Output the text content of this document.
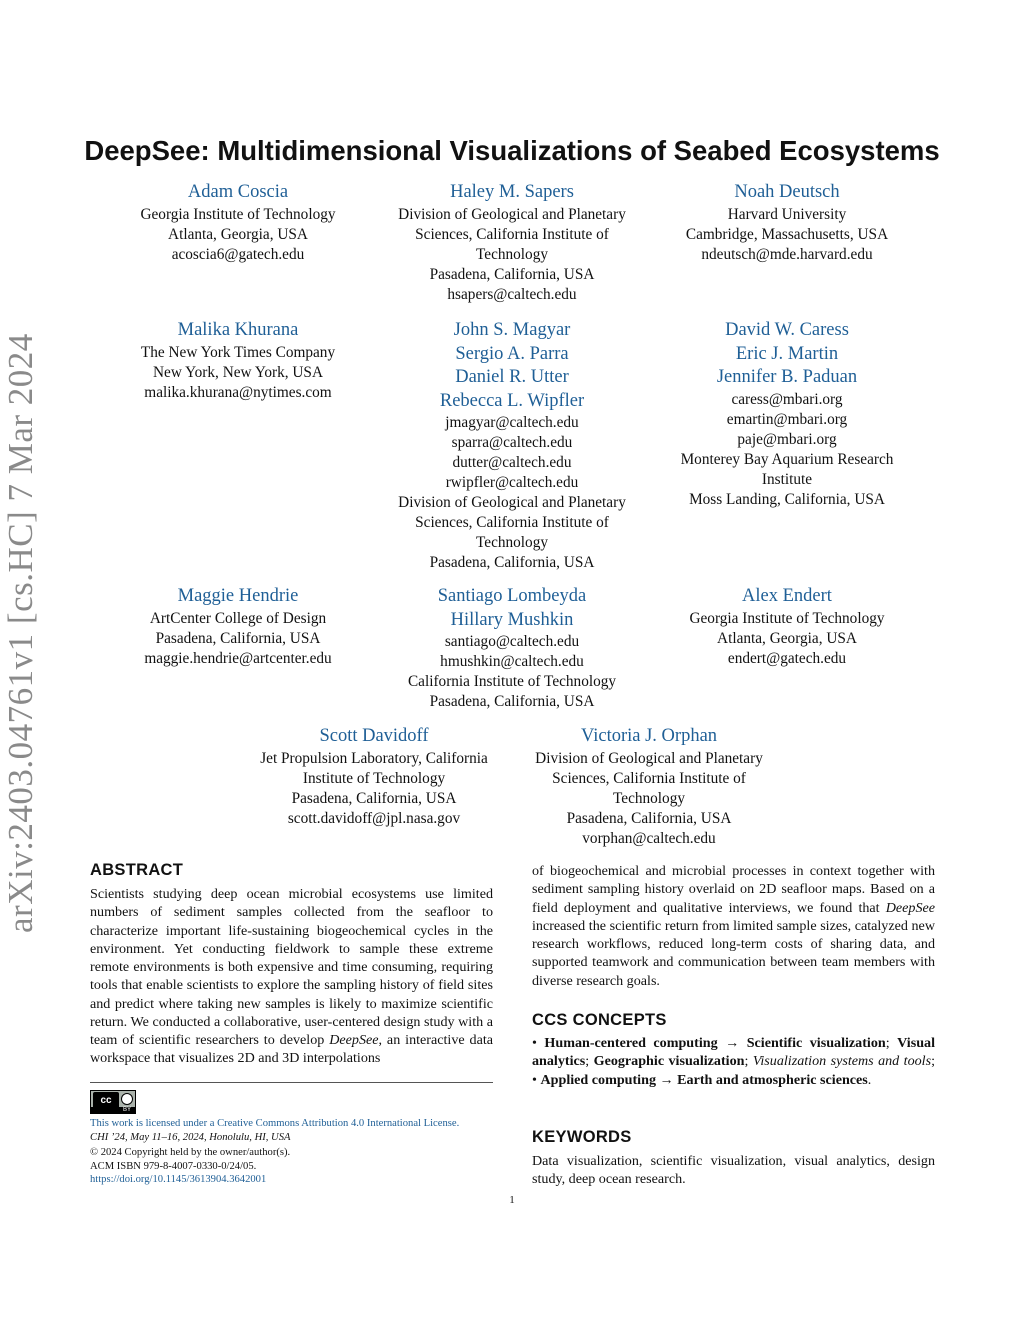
arXiv:2403.04761v1 [cs.HC] 7 Mar 2024
DeepSee: Multidimensional Visualizations of Seabed Ecosystems
Adam Coscia
Georgia Institute of Technology
Atlanta, Georgia, USA
acoscia6@gatech.edu
Haley M. Sapers
Division of Geological and Planetary
Sciences, California Institute of
Technology
Pasadena, California, USA
hsapers@caltech.edu
Noah Deutsch
Harvard University
Cambridge, Massachusetts, USA
ndeutsch@mde.harvard.edu
Malika Khurana
The New York Times Company
New York, New York, USA
malika.khurana@nytimes.com
John S. Magyar
Sergio A. Parra
Daniel R. Utter
Rebecca L. Wipfler
jmagyar@caltech.edu
sparra@caltech.edu
dutter@caltech.edu
rwipfler@caltech.edu
Division of Geological and Planetary
Sciences, California Institute of
Technology
Pasadena, California, USA
David W. Caress
Eric J. Martin
Jennifer B. Paduan
caress@mbari.org
emartin@mbari.org
paje@mbari.org
Monterey Bay Aquarium Research
Institute
Moss Landing, California, USA
Maggie Hendrie
ArtCenter College of Design
Pasadena, California, USA
maggie.hendrie@artcenter.edu
Santiago Lombeyda
Hillary Mushkin
santiago@caltech.edu
hmushkin@caltech.edu
California Institute of Technology
Pasadena, California, USA
Alex Endert
Georgia Institute of Technology
Atlanta, Georgia, USA
endert@gatech.edu
Scott Davidoff
Jet Propulsion Laboratory, California
Institute of Technology
Pasadena, California, USA
scott.davidoff@jpl.nasa.gov
Victoria J. Orphan
Division of Geological and Planetary
Sciences, California Institute of
Technology
Pasadena, California, USA
vorphan@caltech.edu
ABSTRACT

Scientists studying deep ocean microbial ecosystems use limited numbers of sediment samples collected from the seafloor to characterize important life-sustaining biogeochemical cycles in the environment. Yet conducting fieldwork to sample these extreme remote environments is both expensive and time consuming, requiring tools that enable scientists to explore the sampling history of field sites and predict where taking new samples is likely to maximize scientific return. We conducted a collaborative, user-centered design study with a team of scientific researchers to develop DeepSee, an interactive data workspace that visualizes 2D and 3D interpolations

of biogeochemical and microbial processes in context together with sediment sampling history overlaid on 2D seafloor maps. Based on a field deployment and qualitative interviews, we found that DeepSee increased the scientific return from limited sample sizes, catalyzed new research workflows, reduced long-term costs of sharing data, and supported teamwork and communication between team members with diverse research goals.

CCS CONCEPTS

• Human-centered computing → Scientific visualization; Visual analytics; Geographic visualization; Visualization systems and tools; • Applied computing → Earth and atmospheric sciences.

KEYWORDS

Data visualization, scientific visualization, visual analytics, design study, deep ocean research.

cc
BY
This work is licensed under a Creative Commons Attribution 4.0 International License.
CHI ’24, May 11–16, 2024, Honolulu, HI, USA
© 2024 Copyright held by the owner/author(s).
ACM ISBN 979-8-4007-0330-0/24/05.
https://doi.org/10.1145/3613904.3642001
1
